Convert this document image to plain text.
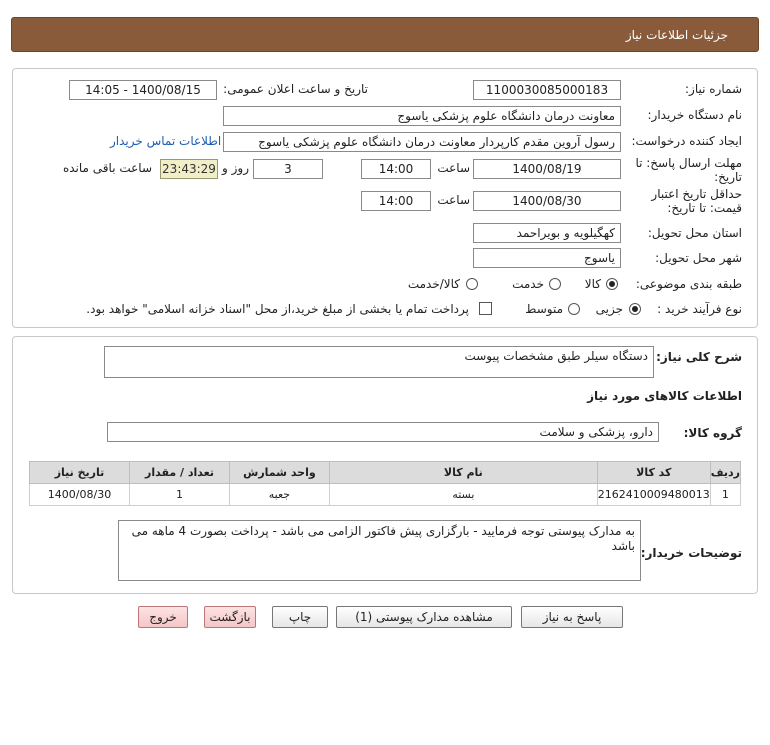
جزئیات اطلاعات نیاز
شماره نیاز:
1100030085000183
تاریخ و ساعت اعلان عمومی:
1400/08/15 - 14:05
نام دستگاه خریدار:
معاونت درمان دانشگاه علوم پزشکی یاسوج
ایجاد کننده درخواست:
رسول آروین مقدم کارپردار معاونت درمان دانشگاه علوم پزشکی یاسوج
اطلاعات تماس خریدار
مهلت ارسال پاسخ: تا تاریخ:
1400/08/19
ساعت
14:00
3
روز و
23:43:29
ساعت باقی مانده
حداقل تاریخ اعتبار قیمت: تا تاریخ:
1400/08/30
ساعت
14:00
استان محل تحویل:
کهگیلویه و بویراحمد
شهر محل تحویل:
یاسوج
طبقه بندی موضوعی:
کالا
خدمت
کالا/خدمت
نوع فرآیند خرید :
جزیی
متوسط
پرداخت تمام یا بخشی از مبلغ خرید،از محل "اسناد خزانه اسلامی" خواهد بود.
شرح کلی نیاز:
دستگاه سیلر طبق مشخصات پیوست
اطلاعات کالاهای مورد نیاز
گروه کالا:
دارو، پزشکی و سلامت
ردیف	کد کالا	نام کالا	واحد شمارش	تعداد / مقدار	تاریخ نیاز
1	2162410009480013	بسته	جعبه	1	1400/08/30
توضیحات خریدار:
به مدارک پیوستی توجه فرمایید - بارگزاری پیش فاکتور الزامی می باشد - پرداخت بصورت 4 ماهه می باشد
پاسخ به نیاز
مشاهده مدارک پیوستی (1)
چاپ
بازگشت
خروج
